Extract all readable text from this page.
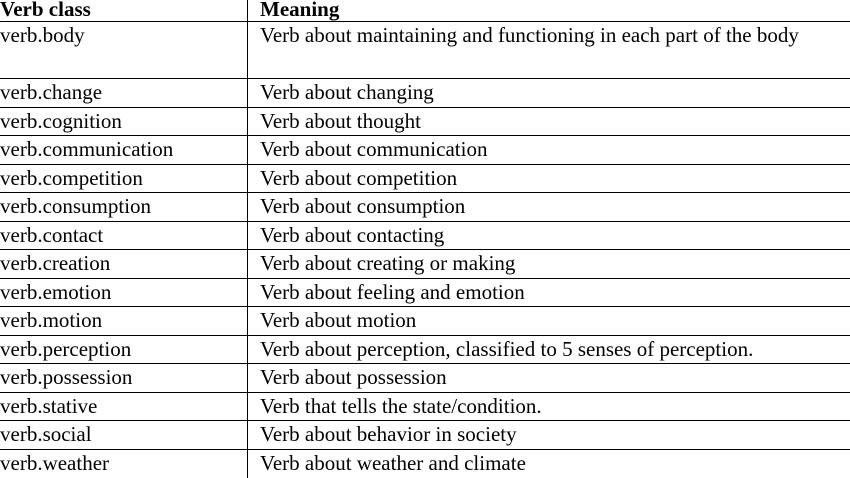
Verb class	Meaning
verb.body	Verb about maintaining and functioning in each part of the body
verb.change	Verb about changing
verb.cognition	Verb about thought
verb.communication	Verb about communication
verb.competition	Verb about competition
verb.consumption	Verb about consumption
verb.contact	Verb about contacting
verb.creation	Verb about creating or making
verb.emotion	Verb about feeling and emotion
verb.motion	Verb about motion
verb.perception	Verb about perception, classified to 5 senses of perception.
verb.possession	Verb about possession
verb.stative	Verb that tells the state/condition.
verb.social	Verb about behavior in society
verb.weather	Verb about weather and climate
